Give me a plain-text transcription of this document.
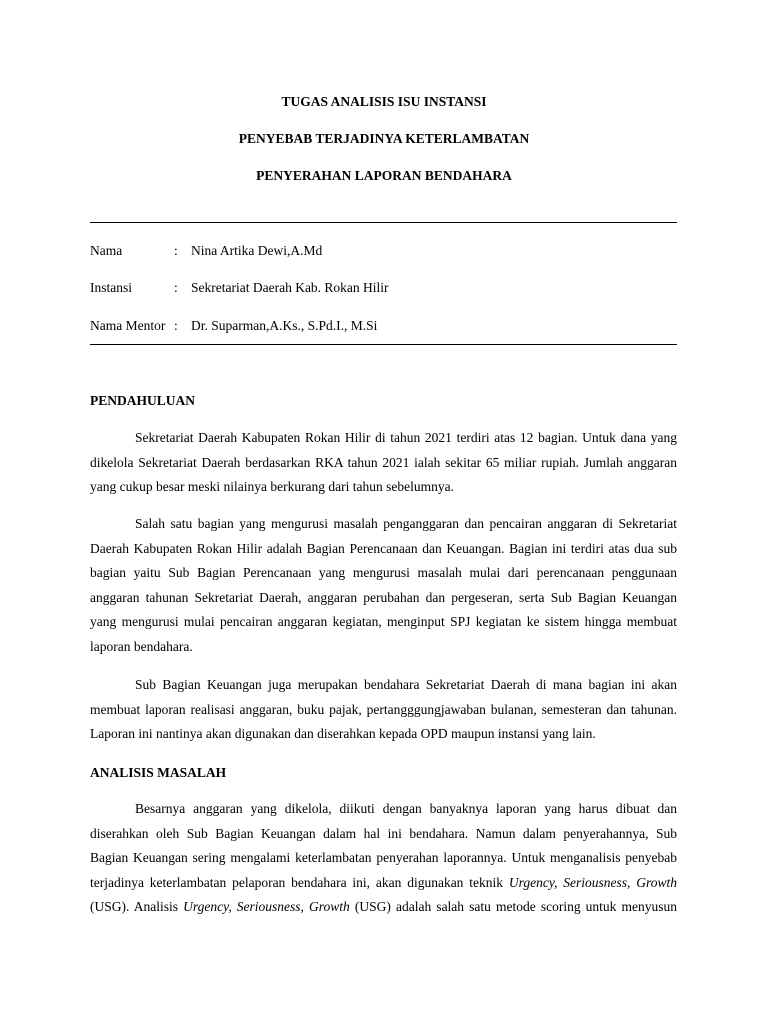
TUGAS ANALISIS ISU INSTANSI
PENYEBAB TERJADINYA KETERLAMBATAN
PENYERAHAN LAPORAN BENDAHARA
Nama	: Nina Artika Dewi,A.Md
Instansi	: Sekretariat Daerah Kab. Rokan Hilir
Nama Mentor : Dr. Suparman,A.Ks., S.Pd.I., M.Si
PENDAHULUAN
Sekretariat Daerah Kabupaten Rokan Hilir di tahun 2021 terdiri atas 12 bagian. Untuk dana yang
dikelola Sekretariat Daerah berdasarkan RKA tahun 2021 ialah sekitar 65 miliar rupiah. Jumlah anggaran
yang cukup besar meski nilainya berkurang dari tahun sebelumnya.
Salah satu bagian yang mengurusi masalah penganggaran dan pencairan anggaran di Sekretariat
Daerah Kabupaten Rokan Hilir adalah Bagian Perencanaan dan Keuangan. Bagian ini terdiri atas dua sub
bagian yaitu Sub Bagian Perencanaan yang mengurusi masalah mulai dari perencanaan penggunaan
anggaran tahunan Sekretariat Daerah, anggaran perubahan dan pergeseran, serta Sub Bagian Keuangan
yang mengurusi mulai pencairan anggaran kegiatan, menginput SPJ kegiatan ke sistem hingga membuat
laporan bendahara.
Sub Bagian Keuangan juga merupakan bendahara Sekretariat Daerah di mana bagian ini akan
membuat laporan realisasi anggaran, buku pajak, pertangggungjawaban bulanan, semesteran dan tahunan.
Laporan ini nantinya akan digunakan dan diserahkan kepada OPD maupun instansi yang lain.
ANALISIS MASALAH
Besarnya anggaran yang dikelola, diikuti dengan banyaknya laporan yang harus dibuat dan
diserahkan oleh Sub Bagian Keuangan dalam hal ini bendahara. Namun dalam penyerahannya, Sub
Bagian Keuangan sering mengalami keterlambatan penyerahan laporannya. Untuk menganalisis penyebab
terjadinya keterlambatan pelaporan bendahara ini, akan digunakan teknik Urgency, Seriousness, Growth
(USG). Analisis Urgency, Seriousness, Growth (USG) adalah salah satu metode scoring untuk menyusun
